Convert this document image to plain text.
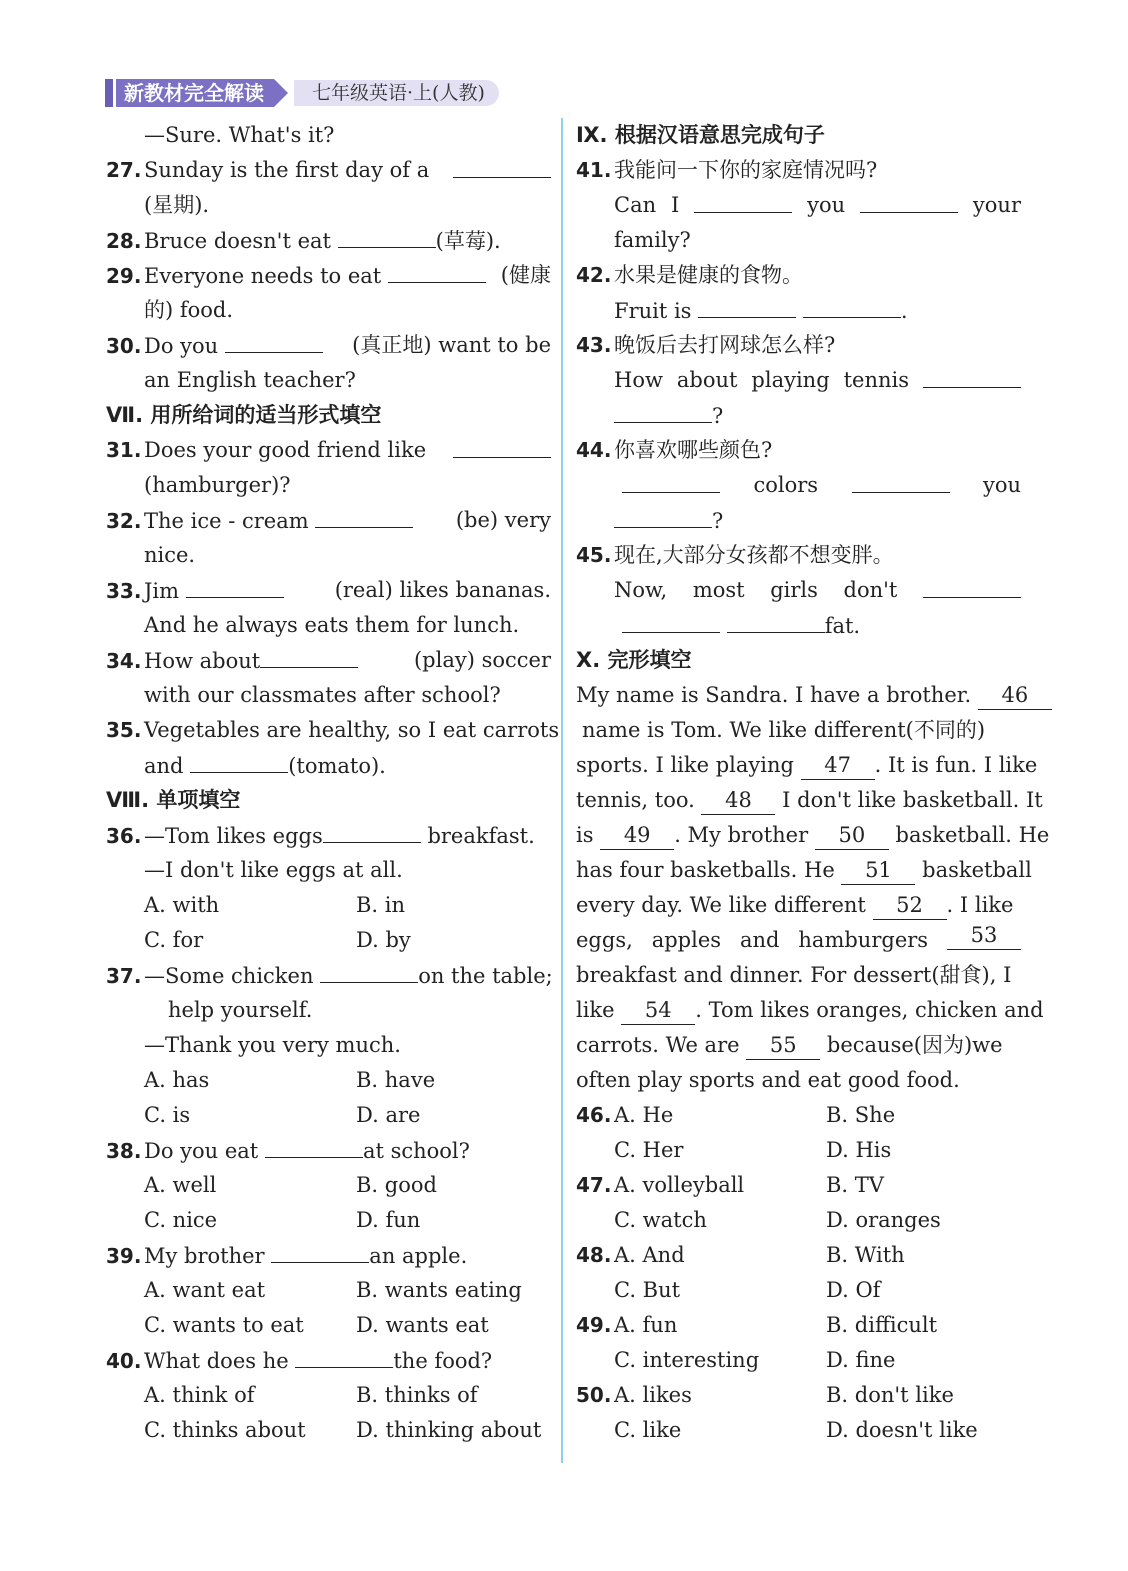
新教材完全解读	七年级英语·上(人教)
—Sure. What's it?
27. Sunday is the first day of a
(星期).
28. Bruce doesn't eat	(草莓).
29. Everyone needs to eat	(健康
的) food.
30. Do you	(真正地) want to be
an English teacher?
Ⅶ. 用所给词的适当形式填空
31. Does your good friend like
(hamburger)?
32. The ice - cream	(be) very
nice.
33. Jim	(real) likes bananas.
And he always eats them for lunch.
34. How about	(play) soccer
with our classmates after school?
35. Vegetables are healthy, so I eat carrots
and	(tomato).
Ⅷ. 单项填空
36. —Tom likes eggs	breakfast.
—I don't like eggs at all.
A. with	B. in
C. for	D. by
37. —Some chicken	on the table;
help yourself.
—Thank you very much.
A. has	B. have
C. is	D. are
38. Do you eat	at school?
A. well	B. good
C. nice	D. fun
39. My brother	an apple.
A. want eat	B. wants eating
C. wants to eat D. wants eat
40. What does he	the food?
A. think of	B. thinks of
C. thinks about D. thinking about
Ⅸ. 根据汉语意思完成句子
41. 我能问一下你的家庭情况吗?
Can I	you	your
family?
42. 水果是健康的食物。
Fruit is	.
43. 晚饭后去打网球怎么样?
How about playing tennis
?
44. 你喜欢哪些颜色?
colors	you
?
45. 现在,大部分女孩都不想变胖。
Now, most girls don't
fat.
Ⅹ. 完形填空
My name is Sandra. I have a brother. 46
name is Tom. We like different(不同的)
sports. I like playing 47 . It is fun. I like
tennis, too. 48 I don't like basketball. It
is 49 . My brother 50 basketball. He
has four basketballs. He 51 basketball
every day. We like different 52 . I like
eggs, apples and hamburgers	53
breakfast and dinner. For dessert(甜食), I
like 54 . Tom likes oranges, chicken and
carrots. We are 55 because(因为)we
often play sports and eat good food.
46. A. He	B. She
C. Her	D. His
47. A. volleyball	B. TV
C. watch	D. oranges
48. A. And	B. With
C. But	D. Of
49. A. fun	B. difficult
C. interesting	D. fine
50. A. likes	B. don't like
C. like	D. doesn't like
